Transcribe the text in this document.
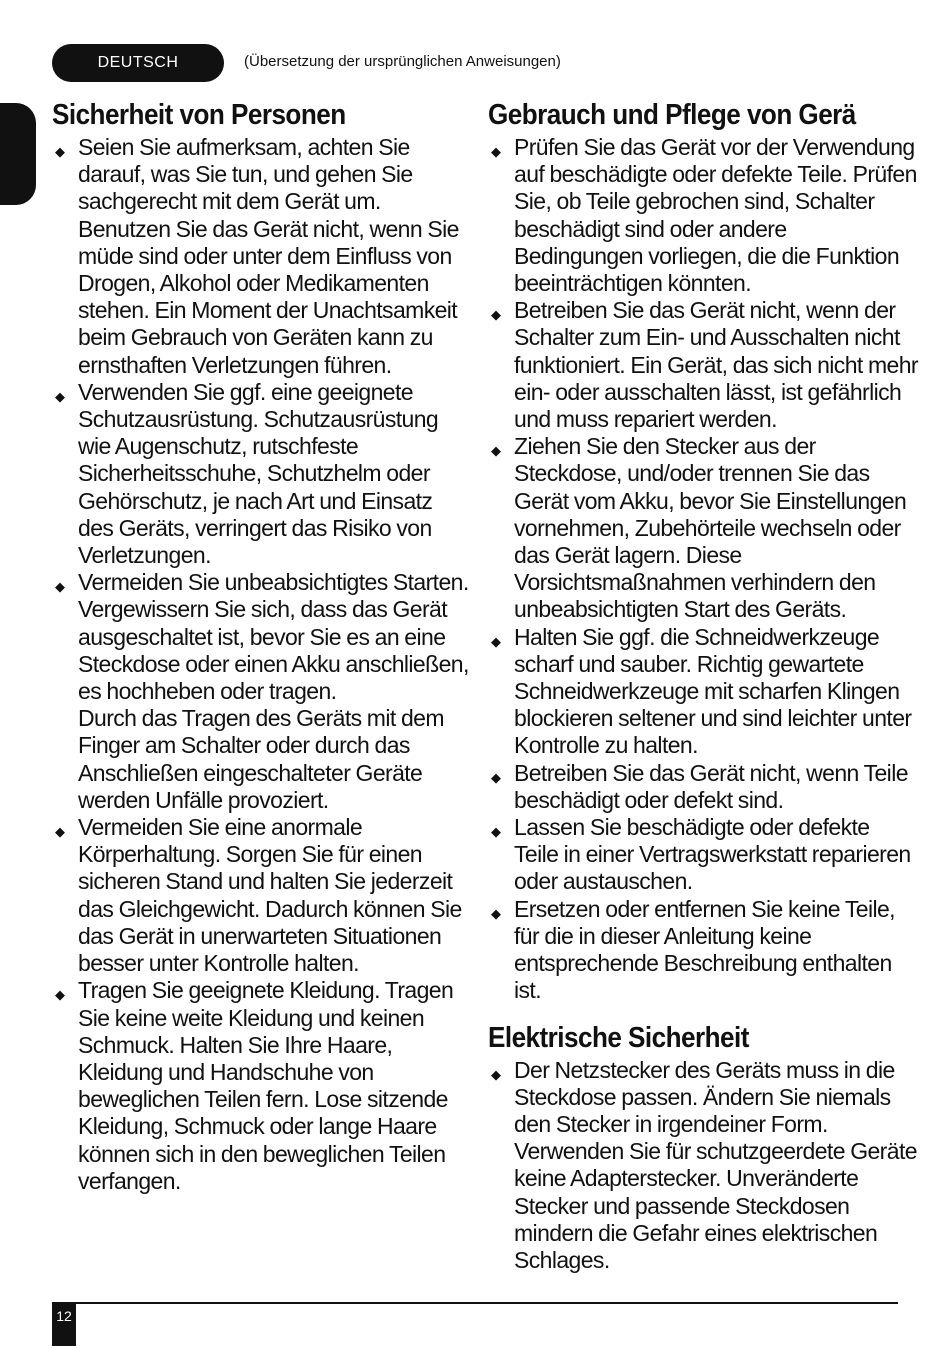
DEUTSCH	(Übersetzung der ursprünglichen Anweisungen)
Sicherheit von Personen
◆ Seien Sie aufmerksam, achten Sie darauf, was Sie tun, und gehen Sie sachgerecht mit dem Gerät um. Benutzen Sie das Gerät nicht, wenn Sie müde sind oder unter dem Einfluss von Drogen, Alkohol oder Medikamenten stehen. Ein Moment der Unachtsamkeit beim Gebrauch von Geräten kann zu ernsthaften Verletzungen führen.

◆ Verwenden Sie ggf. eine geeignete Schutzausrüstung. Schutzausrüstung wie Augenschutz, rutschfeste Sicherheitsschuhe, Schutzhelm oder Gehörschutz, je nach Art und Einsatz des Geräts, verringert das Risiko von Verletzungen.

◆ Vermeiden Sie unbeabsichtigtes Starten. Vergewissern Sie sich, dass das Gerät ausgeschaltet ist, bevor Sie es an eine Steckdose oder einen Akku anschließen, es hochheben oder tragen.

Durch das Tragen des Geräts mit dem Finger am Schalter oder durch das Anschließen eingeschalteter Geräte werden Unfälle provoziert.

◆ Vermeiden Sie eine anormale Körperhaltung. Sorgen Sie für einen sicheren Stand und halten Sie jederzeit das Gleichgewicht. Dadurch können Sie das Gerät in unerwarteten Situationen besser unter Kontrolle halten.

◆ Tragen Sie geeignete Kleidung. Tragen Sie keine weite Kleidung und keinen Schmuck. Halten Sie Ihre Haare, Kleidung und Handschuhe von beweglichen Teilen fern. Lose sitzende Kleidung, Schmuck oder lange Haare können sich in den beweglichen Teilen verfangen.

Gebrauch und Pflege von Gerä
◆ Prüfen Sie das Gerät vor der Verwendung auf beschädigte oder defekte Teile. Prüfen Sie, ob Teile gebrochen sind, Schalter beschädigt sind oder andere Bedingungen vorliegen, die die Funktion beeinträchtigen könnten.

◆ Betreiben Sie das Gerät nicht, wenn der Schalter zum Ein- und Ausschalten nicht funktioniert. Ein Gerät, das sich nicht mehr ein- oder ausschalten lässt, ist gefährlich und muss repariert werden.

◆ Ziehen Sie den Stecker aus der Steckdose, und/oder trennen Sie das Gerät vom Akku, bevor Sie Einstellungen vornehmen, Zubehörteile wechseln oder das Gerät lagern. Diese Vorsichtsmaßnahmen verhindern den unbeabsichtigten Start des Geräts.

◆ Halten Sie ggf. die Schneidwerkzeuge scharf und sauber. Richtig gewartete Schneidwerkzeuge mit scharfen Klingen blockieren seltener und sind leichter unter Kontrolle zu halten.

◆ Betreiben Sie das Gerät nicht, wenn Teile beschädigt oder defekt sind.

◆ Lassen Sie beschädigte oder defekte Teile in einer Vertragswerkstatt reparieren oder austauschen.

◆ Ersetzen oder entfernen Sie keine Teile, für die in dieser Anleitung keine entsprechende Beschreibung enthalten ist.

Elektrische Sicherheit
◆ Der Netzstecker des Geräts muss in die Steckdose passen. Ändern Sie niemals den Stecker in irgendeiner Form. Verwenden Sie für schutzgeerdete Geräte keine Adapterstecker. Unveränderte Stecker und passende Steckdosen mindern die Gefahr eines elektrischen Schlages.

12
